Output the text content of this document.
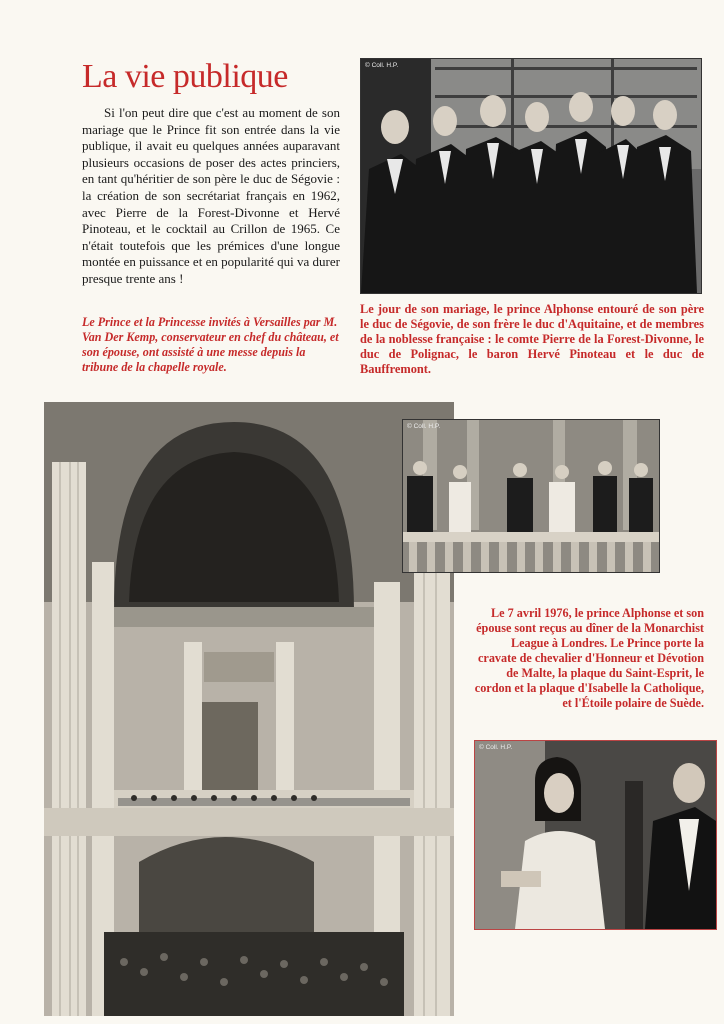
La vie publique

Si l'on peut dire que c'est au moment de son mariage que le Prince fit son entrée dans la vie publique, il avait eu quelques années auparavant plusieurs occasions de poser des actes princiers, en tant qu'héritier de son père le duc de Ségovie : la création de son secrétariat français en 1962, avec Pierre de la Forest-Divonne et Hervé Pinoteau, et le cocktail au Crillon de 1965. Ce n'était toutefois que les prémices d'une longue montée en puissance et en popularité qui va durer presque trente ans !

Le Prince et la Princesse invités à Versailles par M. Van Der Kemp, conservateur en chef du château, et son épouse, ont assisté à une messe depuis la tribune de la chapelle royale.

Le jour de son mariage, le prince Alphonse entouré de son père le duc de Ségovie, de son frère le duc d'Aquitaine, et de membres de la noblesse française : le comte Pierre de la Forest-Divonne, le duc de Polignac, le baron Hervé Pinoteau et le duc de Bauffremont.

Le 7 avril 1976, le prince Alphonse et son épouse sont reçus au dîner de la Monarchist League à Londres. Le Prince porte la cravate de chevalier d'Honneur et Dévotion de Malte, la plaque du Saint-Esprit, le cordon et la plaque d'Isabelle la Catholique, et l'Étoile polaire de Suède.

© Coll. H.P.
© Coll. H.P.
© Coll. H.P.
